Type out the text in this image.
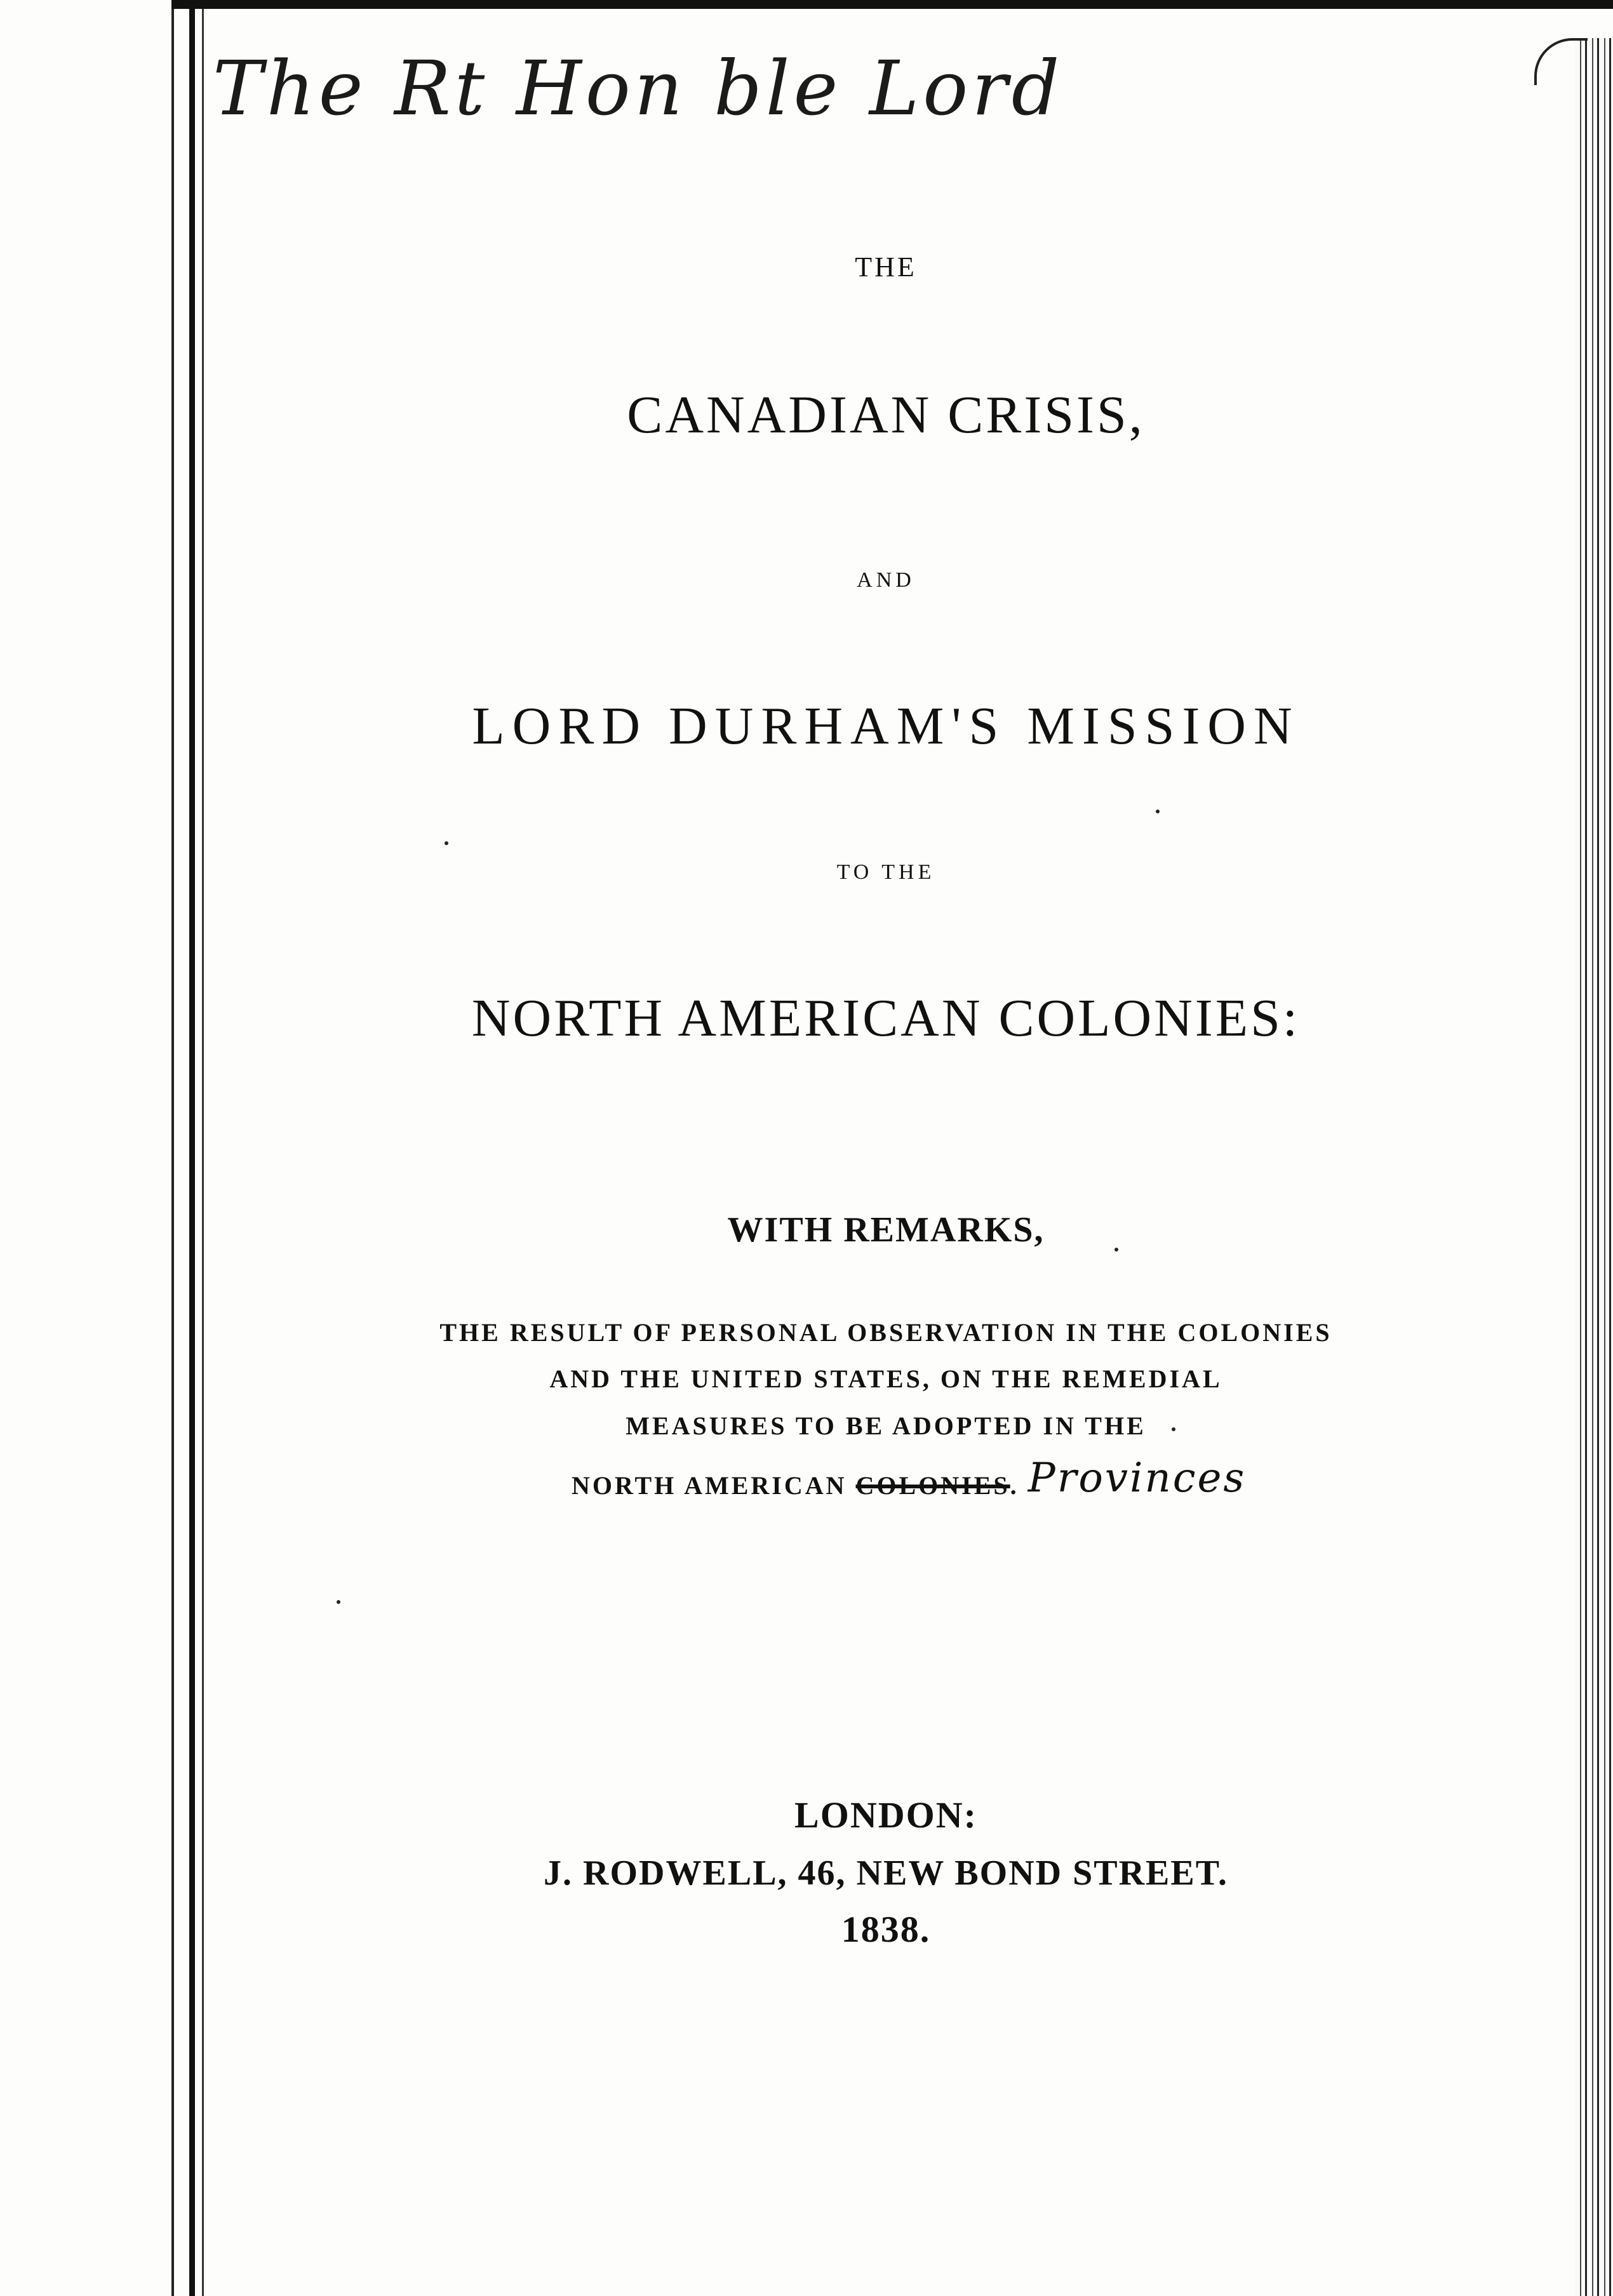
The Rt Hon ble Lord
THE
CANADIAN CRISIS,
AND
LORD DURHAM'S MISSION
TO THE
NORTH AMERICAN COLONIES:
WITH REMARKS,
THE RESULT OF PERSONAL OBSERVATION IN THE COLONIES
AND THE UNITED STATES, ON THE REMEDIAL
MEASURES TO BE ADOPTED IN THE
NORTH AMERICAN COLONIES. Provinces
LONDON:
J. RODWELL, 46, NEW BOND STREET.
1838.
